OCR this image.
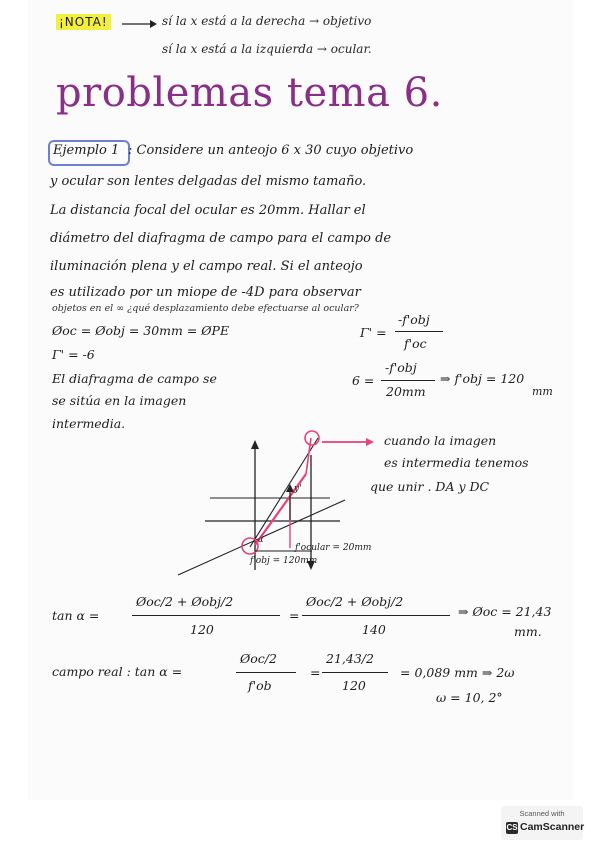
¡NOTA!	sí la x está a la derecha → objetivo
sí la x está a la izquierda → ocular.
problemas tema 6.
Ejemplo 1 : Considere un anteojo 6 x 30 cuyo objetivo
y ocular son lentes delgadas del mismo tamaño.
La distancia focal del ocular es 20mm. Hallar el
diámetro del diafragma de campo para el campo de
iluminación plena y el campo real. Si el anteojo
es utilizado por un miope de -4D para observar
objetos en el ∞ ¿qué desplazamiento debe efectuarse al ocular?
Øoc = Øobj = 30mm = ØPE	Γ' =
-f'obj
f'oc
Γ' = -6
El diafragma de campo se
se sitúa en la imagen
intermedia.
6 =
-f'obj
20mm
⇒ f'obj = 120
mm
cuando la imagen
es intermedia tenemos
que unir . DA y DC
y'
α
f'ocular = 20mm
f'obj = 120mm
tan α =
Øoc/2 + Øobj/2
120
=
Øoc/2 + Øobj/2
140
⇒ Øoc = 21,43
mm.
campo real : tan α =
Øoc/2
f'ob
=
21,43/2
120
= 0,089 mm ⇒ 2ω
ω = 10, 2°
Scanned with
CS CamScanner
